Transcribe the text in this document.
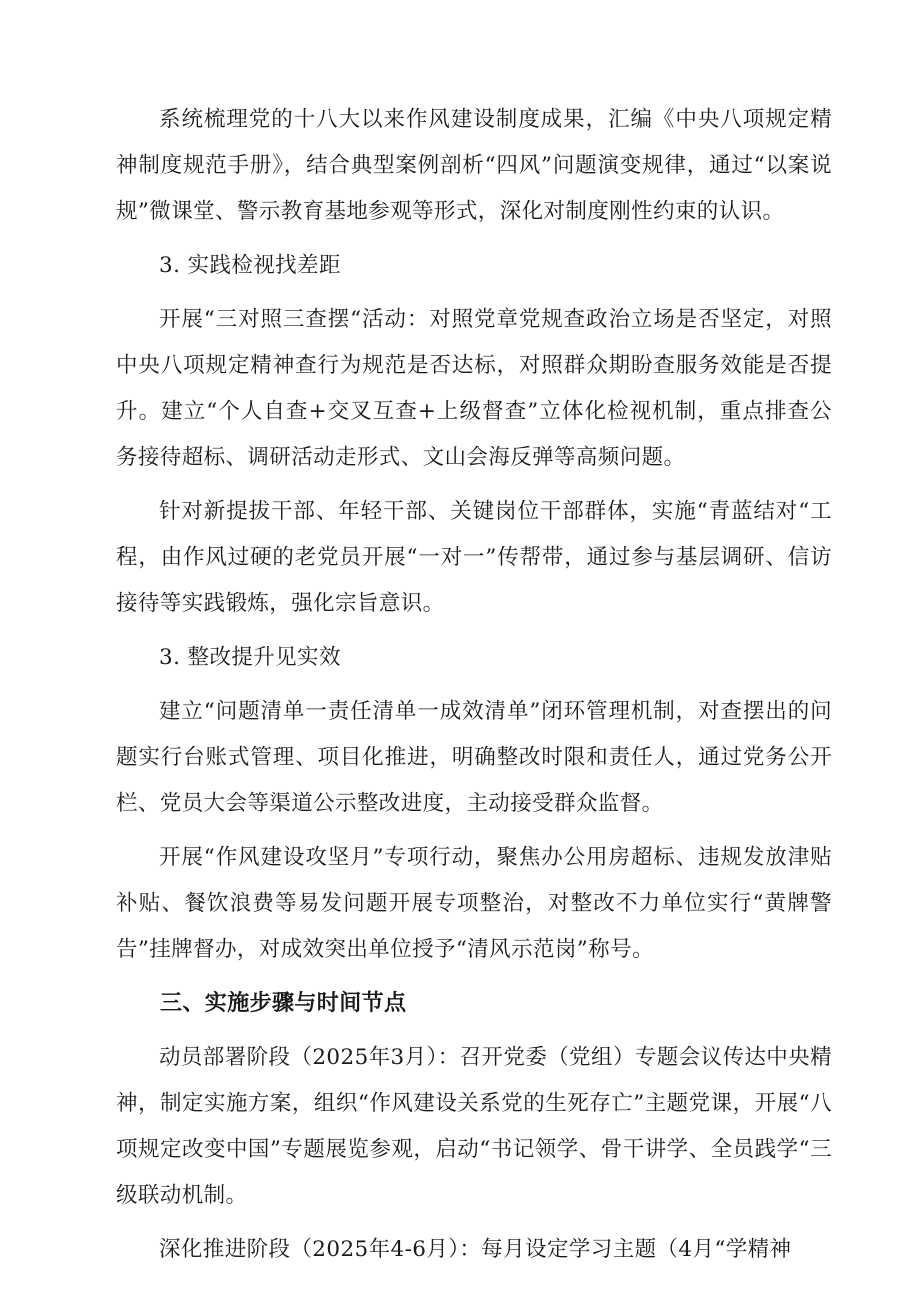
系统梳理党的十八大以来作风建设制度成果，汇编《中央八项规定精神制度规范手册》，结合典型案例剖析“四风”问题演变规律，通过“以案说规”微课堂、警示教育基地参观等形式，深化对制度刚性约束的认识。

3. 实践检视找差距

开展“三对照三查摆“活动：对照党章党规查政治立场是否坚定，对照中央八项规定精神查行为规范是否达标，对照群众期盼查服务效能是否提升。建立“个人自查+交叉互查+上级督查”立体化检视机制，重点排查公务接待超标、调研活动走形式、文山会海反弹等高频问题。

针对新提拔干部、年轻干部、关键岗位干部群体，实施“青蓝结对“工程，由作风过硬的老党员开展“一对一”传帮带，通过参与基层调研、信访接待等实践锻炼，强化宗旨意识。

3. 整改提升见实效

建立“问题清单一责任清单一成效清单”闭环管理机制，对查摆出的问题实行台账式管理、项目化推进，明确整改时限和责任人，通过党务公开栏、党员大会等渠道公示整改进度，主动接受群众监督。

开展“作风建设攻坚月”专项行动，聚焦办公用房超标、违规发放津贴补贴、餐饮浪费等易发问题开展专项整治，对整改不力单位实行“黄牌警告”挂牌督办，对成效突出单位授予“清风示范岗”称号。

三、实施步骤与时间节点

动员部署阶段（2025年3月）：召开党委（党组）专题会议传达中央精神，制定实施方案，组织“作风建设关系党的生死存亡”主题党课，开展“八项规定改变中国”专题展览参观，启动“书记领学、骨干讲学、全员践学“三级联动机制。

深化推进阶段（2025年4-6月）：每月设定学习主题（4月“学精神
